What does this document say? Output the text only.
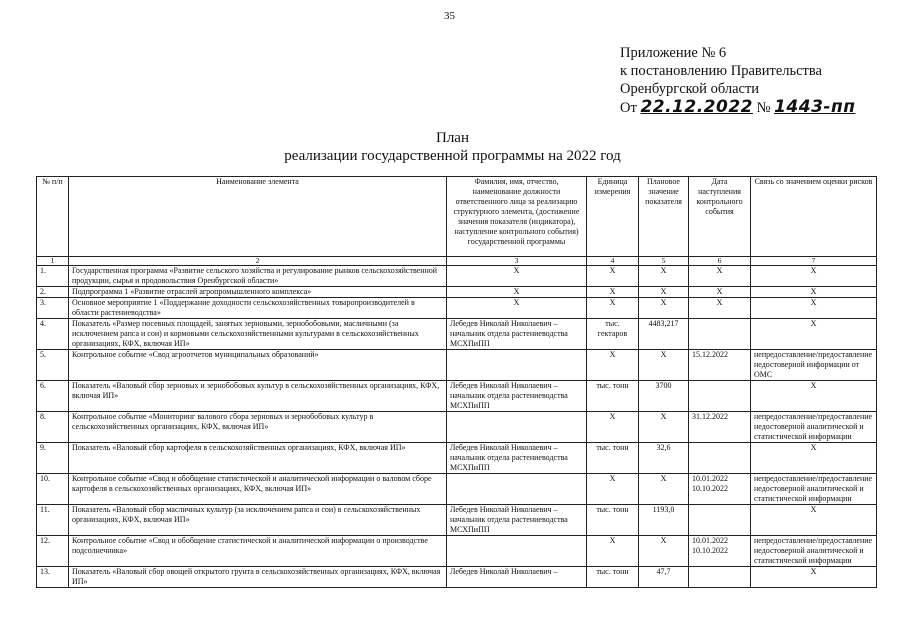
35
Приложение № 6
к постановлению Правительства
Оренбургской области
От 22.12.2022 № 1443-пп
План
реализации государственной программы на 2022 год
№ п/п	Наименование элемента	Фамилия, имя, отчество, наименование должности ответственного лица за реализацию структурного элемента, (достижение значения показателя (индикатора), наступление контрольного события) государственной программы	Единица измерения	Плановое значение показателя	Дата наступления контрольного события	Связь со значением оценки рисков
1	2	3	4	5	6	7
1.	Государственная программа «Развитие сельского хозяйства и регулирование рынков сельскохозяйственной продукции, сырья и продовольствия Оренбургской области»	X	X	X	X	X
2.	Подпрограмма 1 «Развитие отраслей агропромышленного комплекса»	X	X	X	X	X
3.	Основное мероприятие 1 «Поддержание доходности сельскохозяйственных товаропроизводителей в области растениеводства»	X	X	X	X	X
4.	Показатель «Размер посевных площадей, занятых зерновыми, зернобобовыми, масличными (за исключением рапса и сои) и кормовыми сельскохозяйственными культурами в сельскохозяйственных организациях, КФХ, включая ИП»	Лебедев Николай Николаевич – начальник отдела растениеводства МСХПиПП	тыс. гектаров	4483,217		X
5.	Контрольное событие «Свод агроотчетов муниципальных образований»		X	X	15.12.2022	непредоставление/предоставление недостоверной информации от ОМС
6.	Показатель «Валовый сбор зерновых и зернобобовых культур в сельскохозяйственных организациях, КФХ, включая ИП»	Лебедев Николай Николаевич – начальник отдела растениеводства МСХПиПП	тыс. тонн	3700		X
8.	Контрольное событие «Мониторинг валового сбора зерновых и зернобобовых культур в сельскохозяйственных организациях, КФХ, включая ИП»		X	X	31.12.2022	непредоставление/предоставление недостоверной аналитической и статистической информации
9.	Показатель «Валовый сбор картофеля в сельскохозяйственных организациях, КФХ, включая ИП»	Лебедев Николай Николаевич – начальник отдела растениеводства МСХПиПП	тыс. тонн	32,6		X
10.	Контрольное событие «Свод и обобщение статистической и аналитической информации о валовом сборе картофеля в сельскохозяйственных организациях, КФХ, включая ИП»		X	X	10.01.2022 10.10.2022	непредоставление/предоставление недостоверной аналитической и статистической информации
11.	Показатель «Валовый сбор масличных культур (за исключением рапса и сои) в сельскохозяйственных организациях, КФХ, включая ИП»	Лебедев Николай Николаевич – начальник отдела растениеводства МСХПиПП	тыс. тонн	1193,0		X
12.	Контрольное событие «Свод и обобщение статистической и аналитической информации о производстве подсолнечника»		X	X	10.01.2022 10.10.2022	непредоставление/предоставление недостоверной аналитической и статистической информации
13.	Показатель «Валовый сбор овощей открытого грунта в сельскохозяйственных организациях, КФХ, включая ИП»	Лебедев Николай Николаевич –	тыс. тонн	47,7		X
